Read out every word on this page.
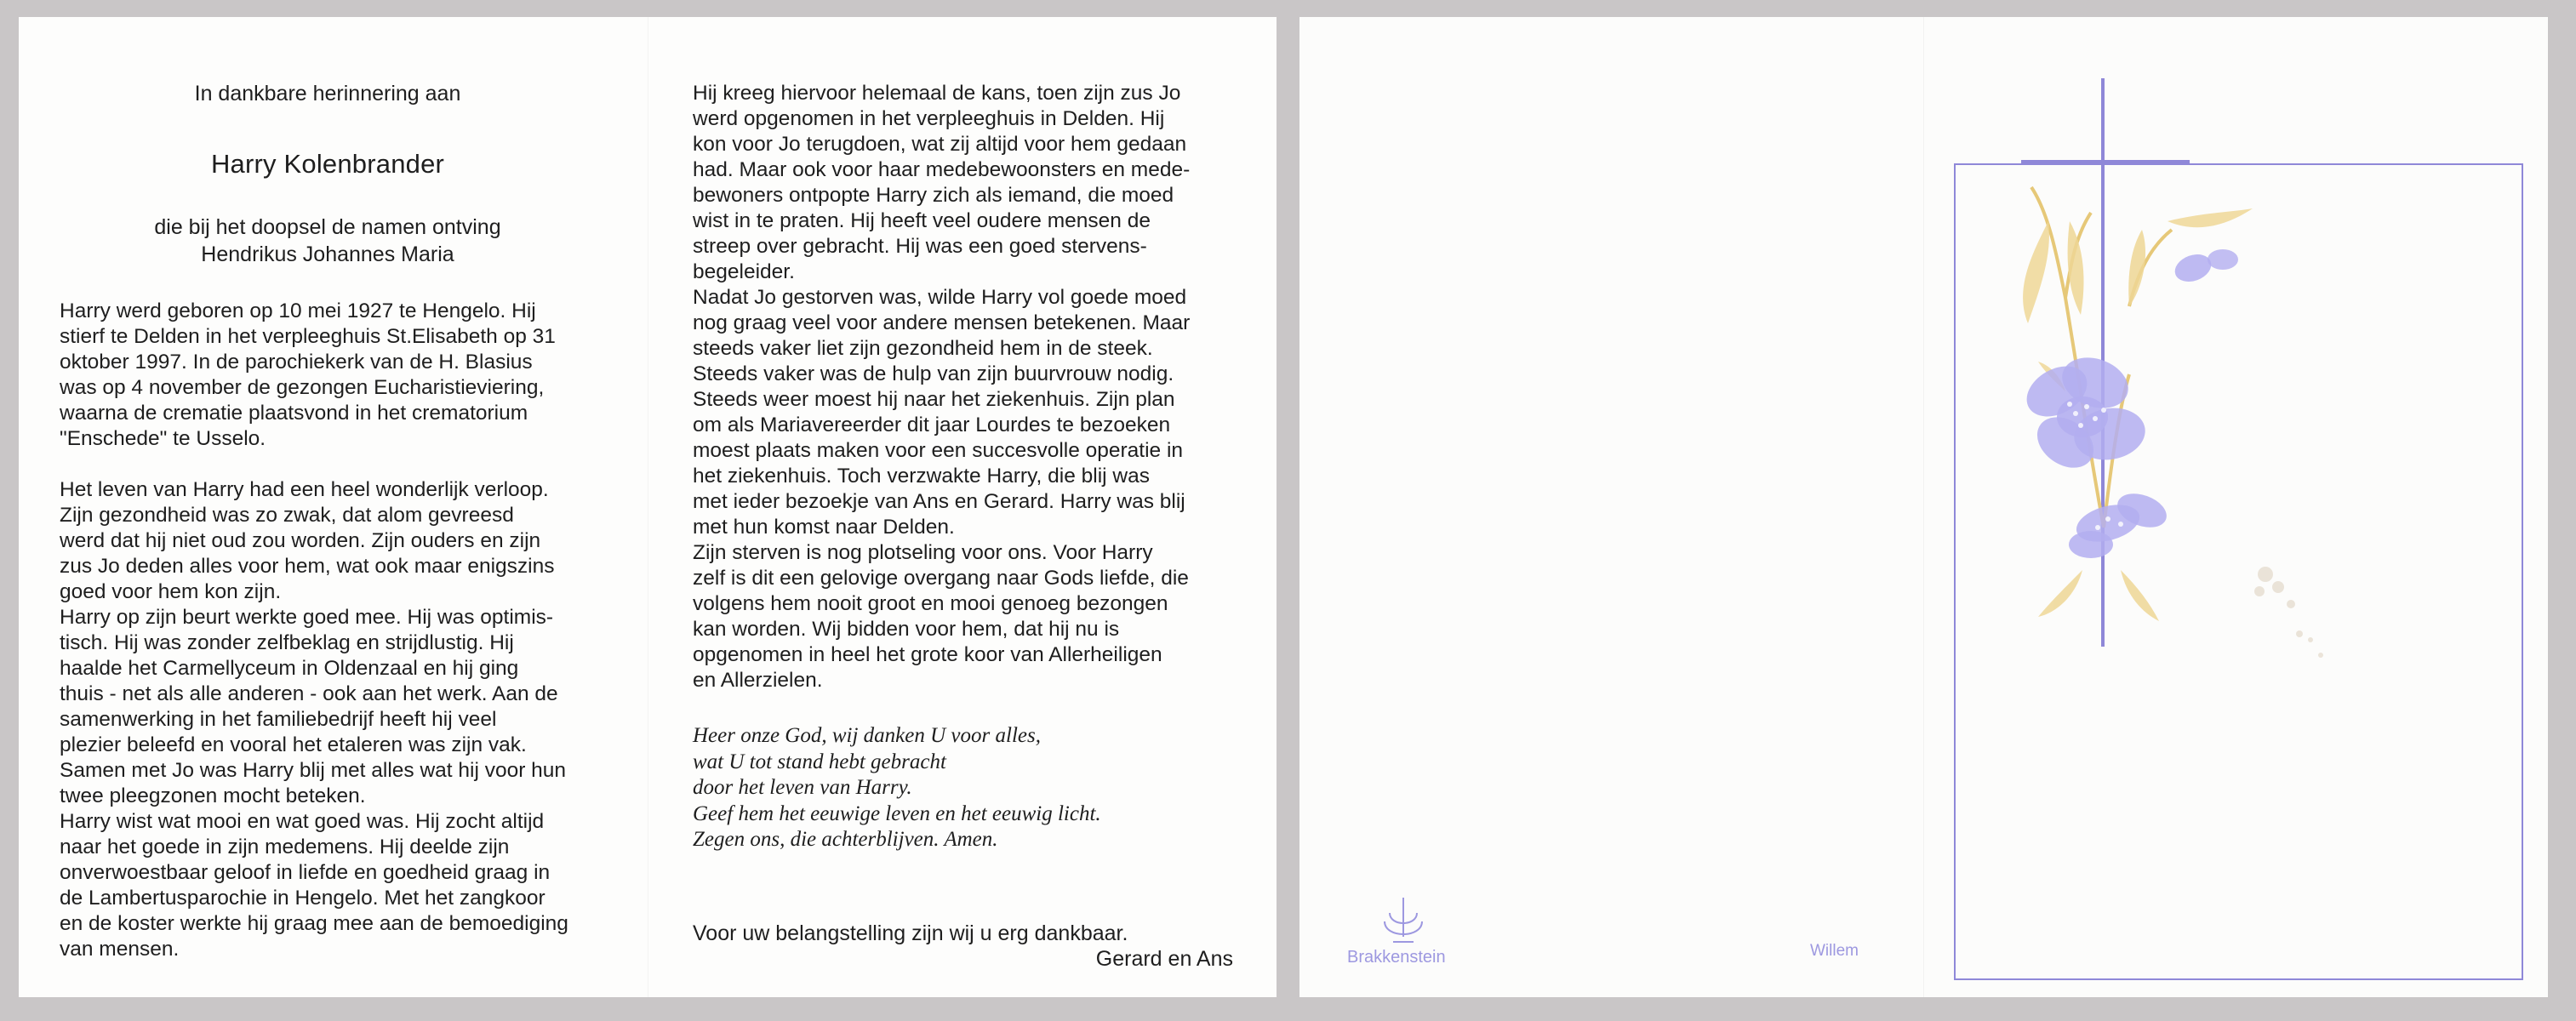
In dankbare herinnering aan
Harry Kolenbrander
die bij het doopsel de namen ontving
Hendrikus Johannes Maria

Harry werd geboren op 10 mei 1927 te Hengelo. Hij
stierf te Delden in het verpleeghuis St.Elisabeth op 31
oktober 1997. In de parochiekerk van de H. Blasius
was op 4 november de gezongen Eucharistieviering,
waarna de crematie plaatsvond in het crematorium
"Enschede" te Usselo.

Het leven van Harry had een heel wonderlijk verloop.
Zijn gezondheid was zo zwak, dat alom gevreesd
werd dat hij niet oud zou worden. Zijn ouders en zijn
zus Jo deden alles voor hem, wat ook maar enigszins
goed voor hem kon zijn.
Harry op zijn beurt werkte goed mee. Hij was optimis-
tisch. Hij was zonder zelfbeklag en strijdlustig. Hij
haalde het Carmellyceum in Oldenzaal en hij ging
thuis - net als alle anderen - ook aan het werk. Aan de
samenwerking in het familiebedrijf heeft hij veel
plezier beleefd en vooral het etaleren was zijn vak.
Samen met Jo was Harry blij met alles wat hij voor hun
twee pleegzonen mocht beteken.
Harry wist wat mooi en wat goed was. Hij zocht altijd
naar het goede in zijn medemens. Hij deelde zijn
onverwoestbaar geloof in liefde en goedheid graag in
de Lambertusparochie in Hengelo. Met het zangkoor
en de koster werkte hij graag mee aan de bemoediging
van mensen.

Hij kreeg hiervoor helemaal de kans, toen zijn zus Jo
werd opgenomen in het verpleeghuis in Delden. Hij
kon voor Jo terugdoen, wat zij altijd voor hem gedaan
had. Maar ook voor haar medebewoonsters en mede-
bewoners ontpopte Harry zich als iemand, die moed
wist in te praten. Hij heeft veel oudere mensen de
streep over gebracht. Hij was een goed stervens-
begeleider.
Nadat Jo gestorven was, wilde Harry vol goede moed
nog graag veel voor andere mensen betekenen. Maar
steeds vaker liet zijn gezondheid hem in de steek.
Steeds vaker was de hulp van zijn buurvrouw nodig.
Steeds weer moest hij naar het ziekenhuis. Zijn plan
om als Mariavereerder dit jaar Lourdes te bezoeken
moest plaats maken voor een succesvolle operatie in
het ziekenhuis. Toch verzwakte Harry, die blij was
met ieder bezoekje van Ans en Gerard. Harry was blij
met hun komst naar Delden.
Zijn sterven is nog plotseling voor ons. Voor Harry
zelf is dit een gelovige overgang naar Gods liefde, die
volgens hem nooit groot en mooi genoeg bezongen
kan worden. Wij bidden voor hem, dat hij nu is
opgenomen in heel het grote koor van Allerheiligen
en Allerzielen.

Heer onze God, wij danken U voor alles,
wat U tot stand hebt gebracht
door het leven van Harry.
Geef hem het eeuwige leven en het eeuwig licht.
Zegen ons, die achterblijven. Amen.

Voor uw belangstelling zijn wij u erg dankbaar.
Gerard en Ans	Brakkenstein	Willem
